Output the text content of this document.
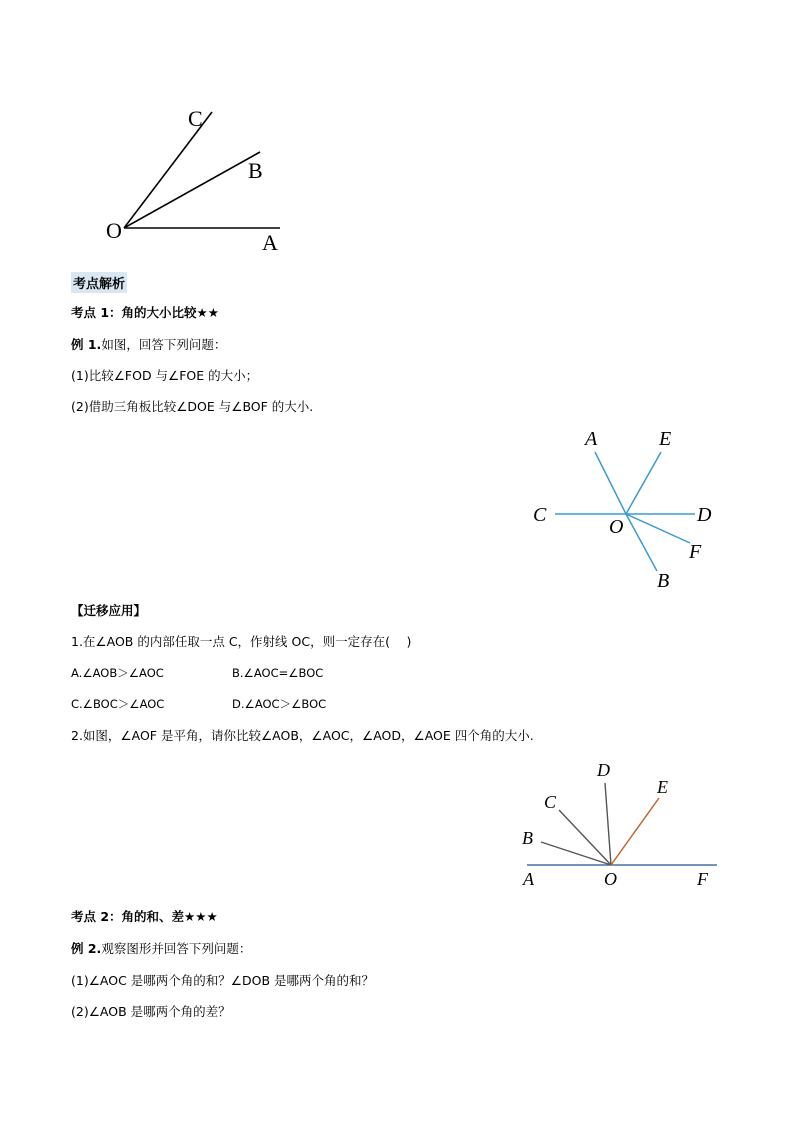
C
B
O	A
考点解析
考点 1：角的大小比较★★
例 1.如图，回答下列问题：
(1)比较∠FOD 与∠FOE 的大小；
(2)借助三角板比较∠DOE 与∠BOF 的大小.
A	E
C
O
D
F
B
【迁移应用】
1.在∠AOB 的内部任取一点 C，作射线 OC，则一定存在(　 )
A.∠AOB＞∠AOC	B.∠AOC=∠BOC
C.∠BOC＞∠AOC	D.∠AOC＞∠BOC
2.如图，∠AOF 是平角，请你比较∠AOB，∠AOC，∠AOD，∠AOE 四个角的大小.
D
E
C
B
A	O	F
考点 2：角的和、差★★★
例 2.观察图形并回答下列问题：
(1)∠AOC 是哪两个角的和？∠DOB 是哪两个角的和？
(2)∠AOB 是哪两个角的差？
